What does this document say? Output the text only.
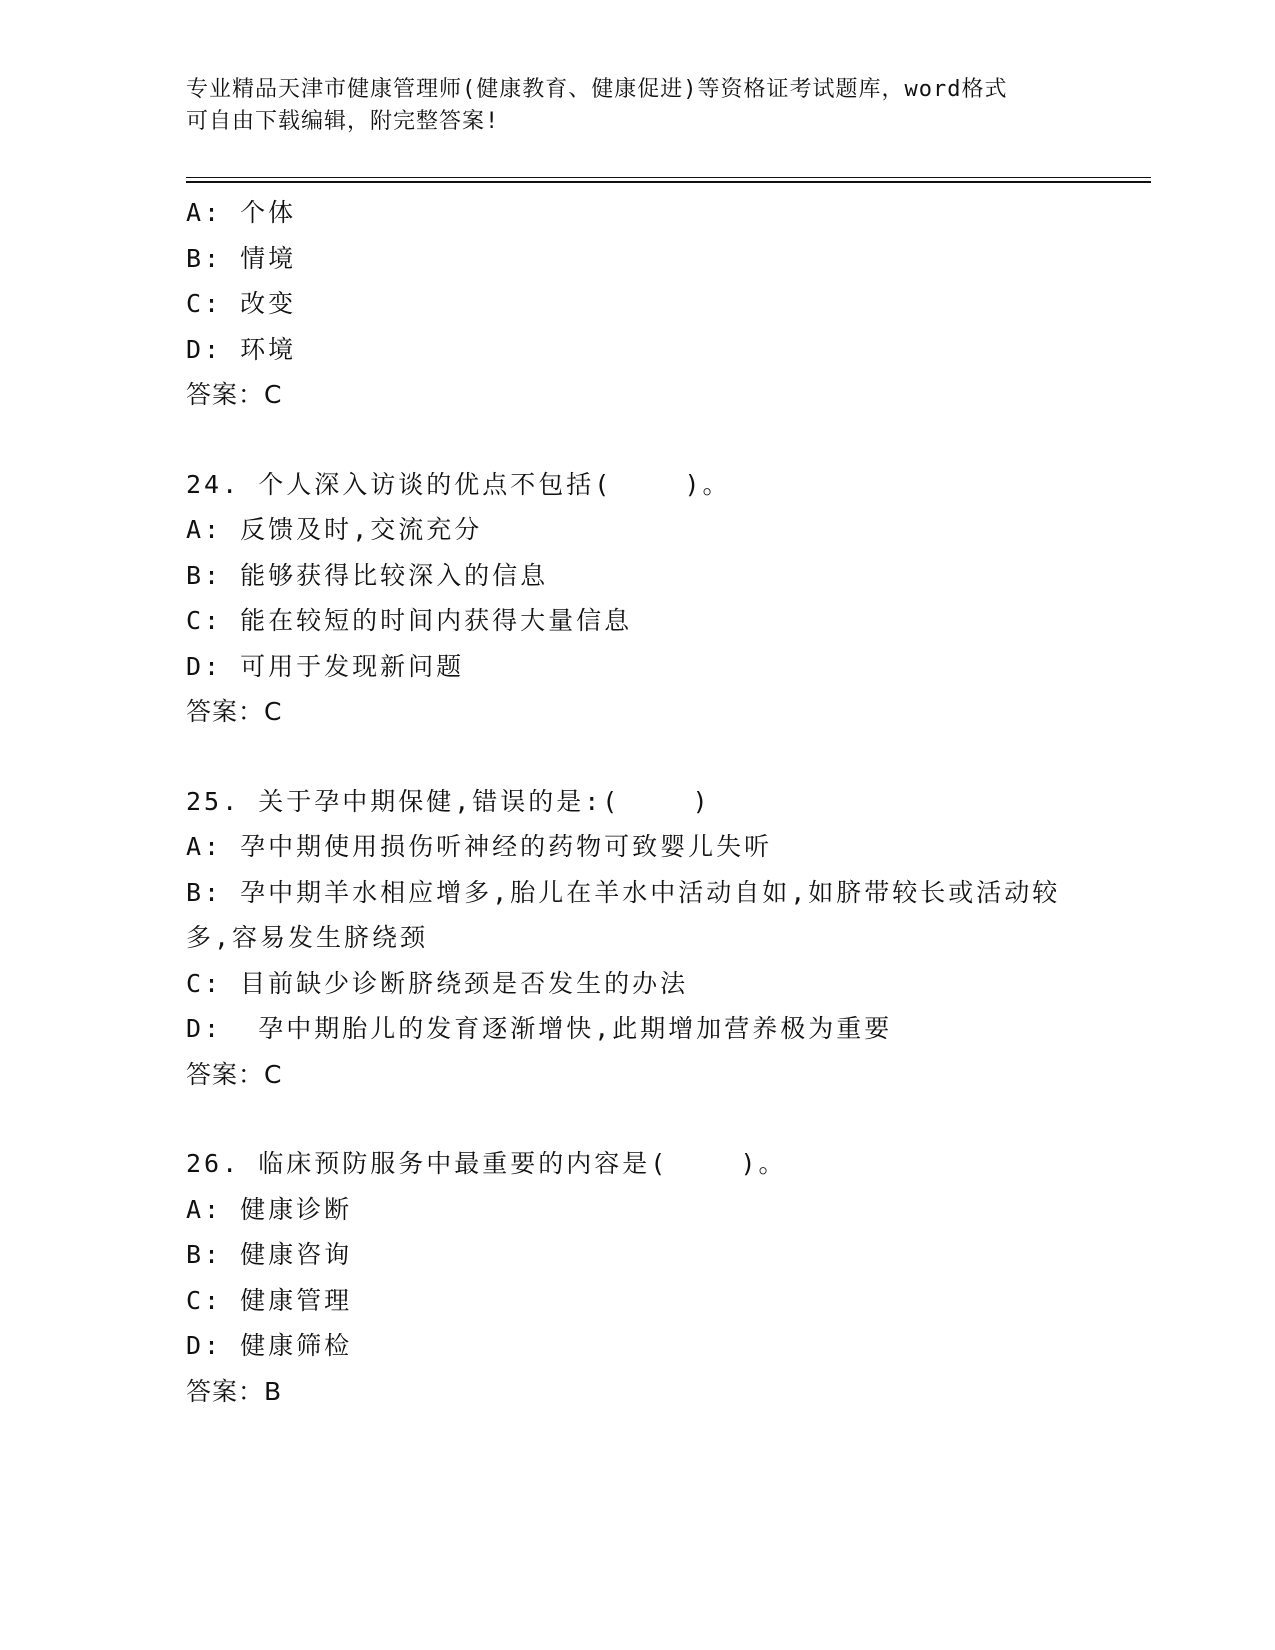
专业精品天津市健康管理师(健康教育、健康促进)等资格证考试题库，word格式
可自由下载编辑，附完整答案!
A: 个体
B: 情境
C: 改变
D: 环境
答案：C
24. 个人深入访谈的优点不包括(    )。
A: 反馈及时,交流充分
B: 能够获得比较深入的信息
C: 能在较短的时间内获得大量信息
D: 可用于发现新问题
答案：C
25. 关于孕中期保健,错误的是:(    )
A: 孕中期使用损伤听神经的药物可致婴儿失听
B: 孕中期羊水相应增多,胎儿在羊水中活动自如,如脐带较长或活动较多,容易发生脐绕颈
C: 目前缺少诊断脐绕颈是否发生的办法
D:  孕中期胎儿的发育逐渐增快,此期增加营养极为重要
答案：C
26. 临床预防服务中最重要的内容是(    )。
A: 健康诊断
B: 健康咨询
C: 健康管理
D: 健康筛检
答案：B
